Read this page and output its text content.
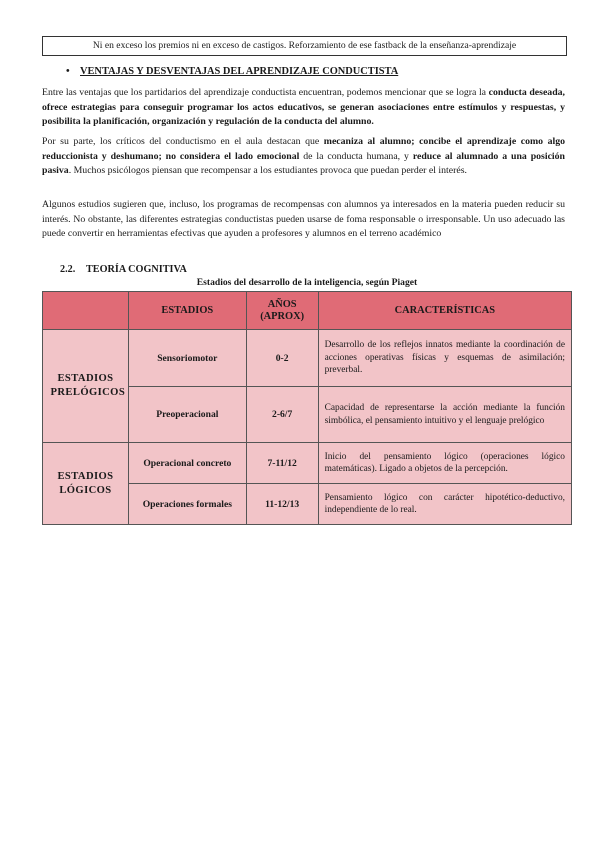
Ni en exceso los premios ni en exceso de castigos. Reforzamiento de ese fastback de la enseñanza-aprendizaje
• VENTAJAS Y DESVENTAJAS DEL APRENDIZAJE CONDUCTISTA

Entre las ventajas que los partidarios del aprendizaje conductista encuentran, podemos mencionar que se logra la conducta deseada, ofrece estrategias para conseguir programar los actos educativos, se generan asociaciones entre estímulos y respuestas, y posibilita la planificación, organización y regulación de la conducta del alumno.

Por su parte, los críticos del conductismo en el aula destacan que mecaniza al alumno; concibe el aprendizaje como algo reduccionista y deshumano; no considera el lado emocional de la conducta humana, y reduce al alumnado a una posición pasiva. Muchos psicólogos piensan que recompensar a los estudiantes provoca que puedan perder el interés.

Algunos estudios sugieren que, incluso, los programas de recompensas con alumnos ya interesados en la materia pueden reducir su interés. No obstante, las diferentes estrategias conductistas pueden usarse de foma responsable o irresponsable. Un uso adecuado las puede convertir en herramientas efectivas que ayuden a profesores y alumnos en el terreno académico

2.2. TEORÍA COGNITIVA
Estadios del desarrollo de la inteligencia, según Piaget
	ESTADIOS	AÑOS (APROX)	CARACTERÍSTICAS
ESTADIOS PRELÓGICOS	Sensoriomotor	0-2	Desarrollo de los reflejos innatos mediante la coordinación de acciones operativas físicas y esquemas de asimilación; preverbal.
	Preoperacional	2-6/7	Capacidad de representarse la acción mediante la función simbólica, el pensamiento intuitivo y el lenguaje prelógico
ESTADIOS LÓGICOS	Operacional concreto	7-11/12	Inicio del pensamiento lógico (operaciones lógico matemáticas). Ligado a objetos de la percepción.
	Operaciones formales	11-12/13	Pensamiento lógico con carácter hipotético-deductivo, independiente de lo real.
